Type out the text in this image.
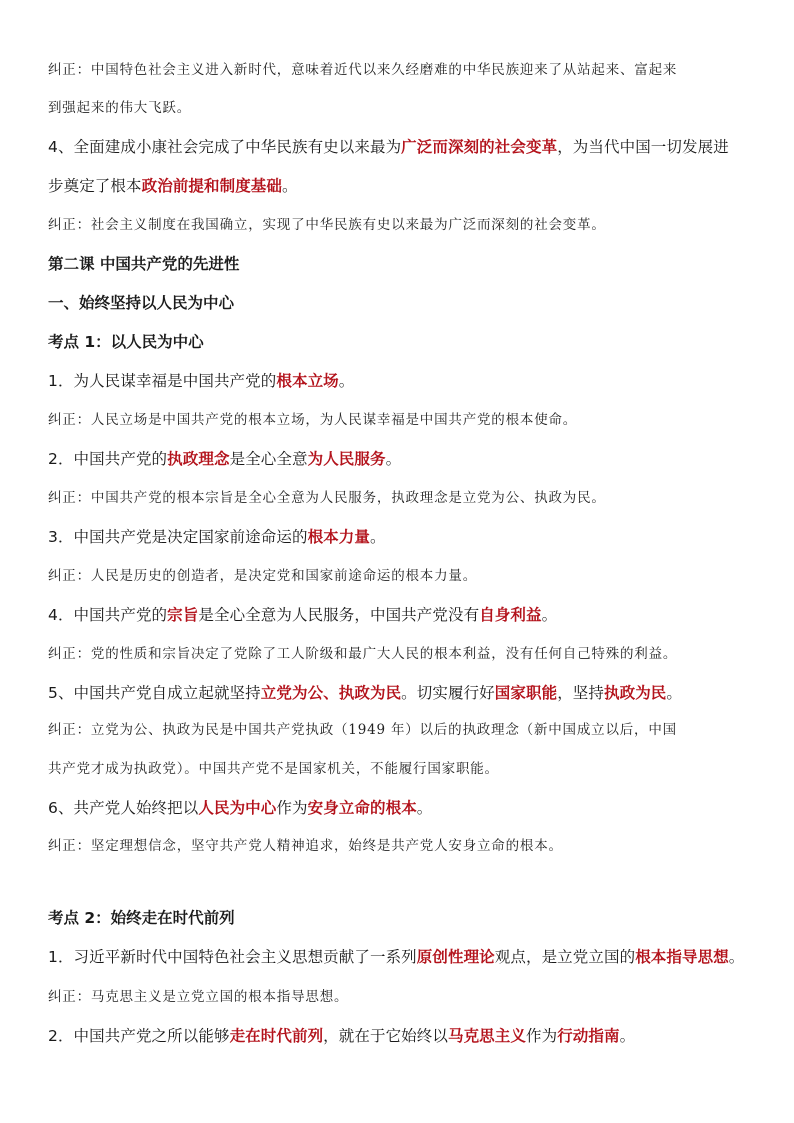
纠正：中国特色社会主义进入新时代，意味着近代以来久经磨难的中华民族迎来了从站起来、富起来
到强起来的伟大飞跃。
4、全面建成小康社会完成了中华民族有史以来最为广泛而深刻的社会变革，为当代中国一切发展进
步奠定了根本政治前提和制度基础。
纠正：社会主义制度在我国确立，实现了中华民族有史以来最为广泛而深刻的社会变革。
第二课 中国共产党的先进性
一、始终坚持以人民为中心
考点 1：以人民为中心
1．为人民谋幸福是中国共产党的根本立场。
纠正：人民立场是中国共产党的根本立场，为人民谋幸福是中国共产党的根本使命。
2．中国共产党的执政理念是全心全意为人民服务。
纠正：中国共产党的根本宗旨是全心全意为人民服务，执政理念是立党为公、执政为民。
3．中国共产党是决定国家前途命运的根本力量。
纠正：人民是历史的创造者，是决定党和国家前途命运的根本力量。
4．中国共产党的宗旨是全心全意为人民服务，中国共产党没有自身利益。
纠正：党的性质和宗旨决定了党除了工人阶级和最广大人民的根本利益，没有任何自己特殊的利益。
5、中国共产党自成立起就坚持立党为公、执政为民。切实履行好国家职能，坚持执政为民。
纠正：立党为公、执政为民是中国共产党执政（1949 年）以后的执政理念（新中国成立以后，中国
共产党才成为执政党）。中国共产党不是国家机关，不能履行国家职能。
6、共产党人始终把以人民为中心作为安身立命的根本。
纠正：坚定理想信念，坚守共产党人精神追求，始终是共产党人安身立命的根本。
考点 2：始终走在时代前列
1．习近平新时代中国特色社会主义思想贡献了一系列原创性理论观点，是立党立国的根本指导思想。
纠正：马克思主义是立党立国的根本指导思想。
2．中国共产党之所以能够走在时代前列，就在于它始终以马克思主义作为行动指南。
